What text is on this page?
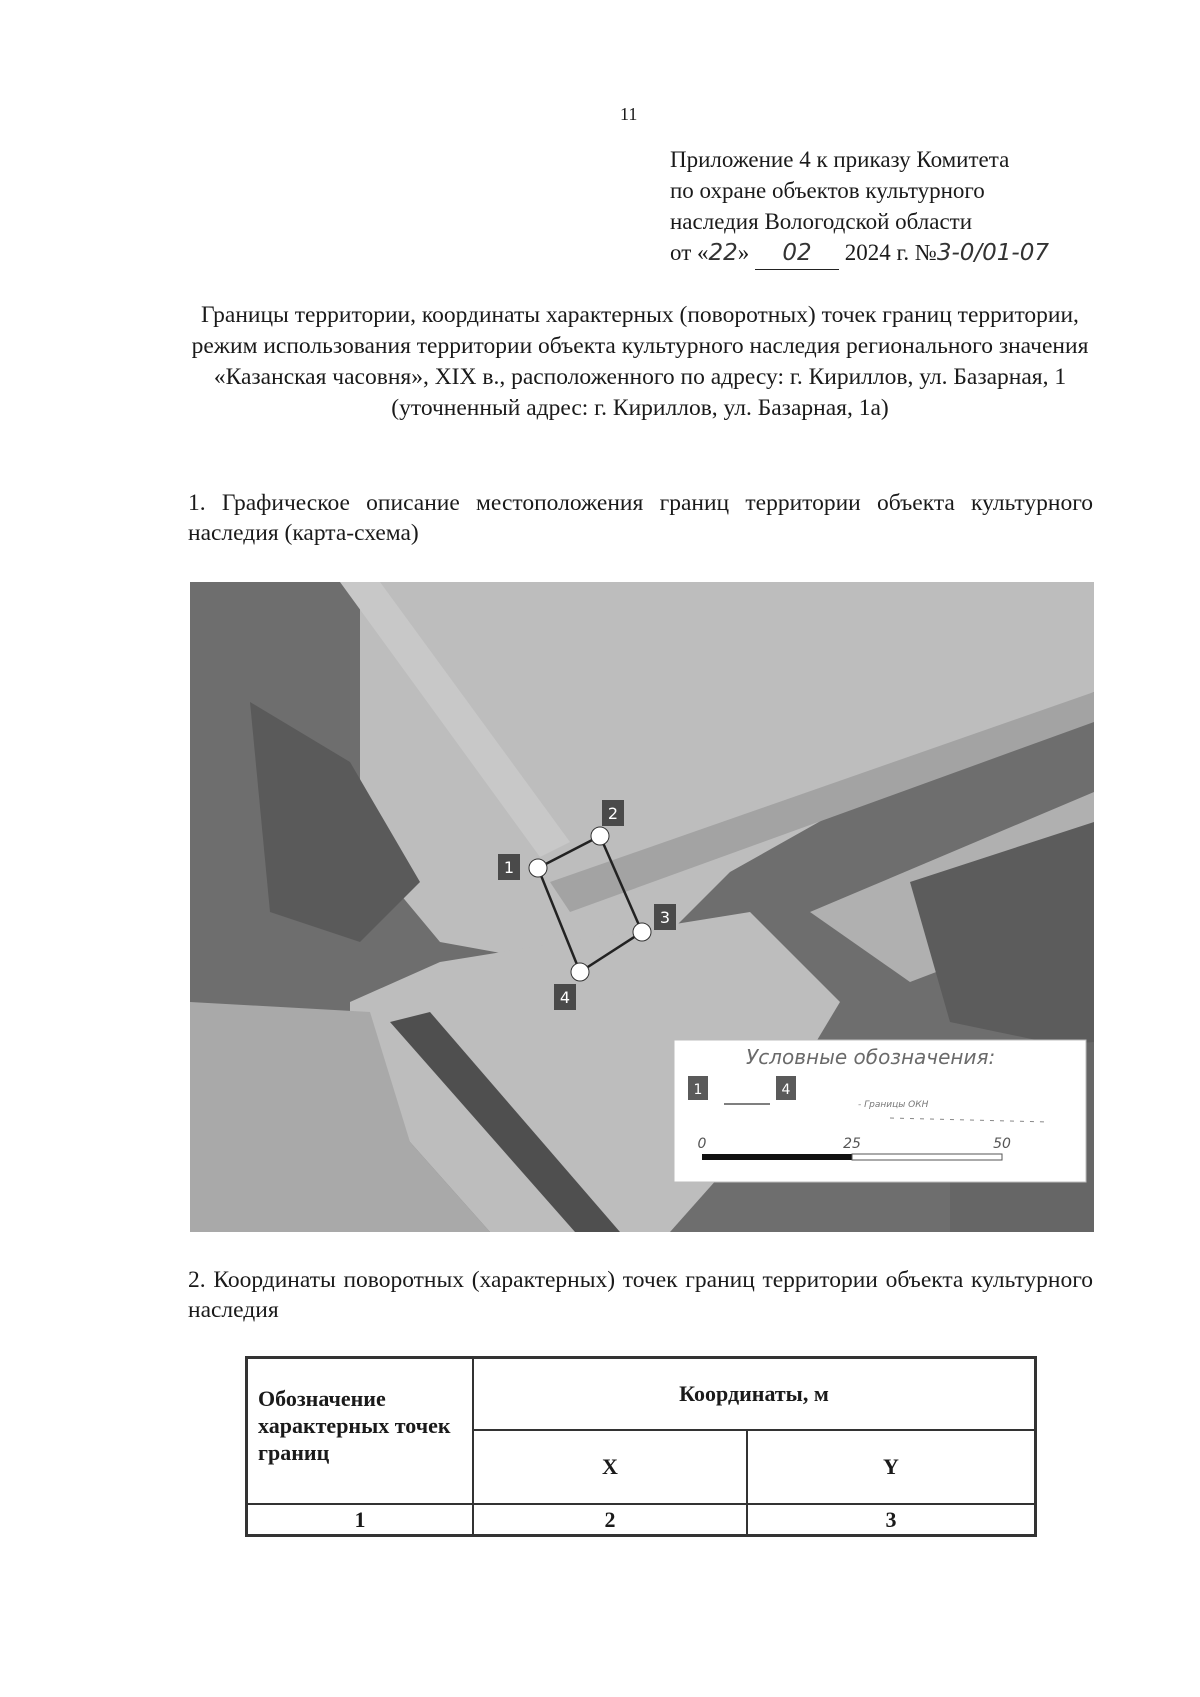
11
Приложение 4 к приказу Комитета
по охране объектов культурного
наследия Вологодской области
от «22» 02 2024 г. №3-0/01-07
Границы территории, координаты характерных (поворотных) точек границ территории, режим использования территории объекта культурного наследия регионального значения «Казанская часовня», XIX в., расположенного по адресу: г. Кириллов, ул. Базарная, 1 (уточненный адрес: г. Кириллов, ул. Базарная, 1а)
1. Графическое описание местоположения границ территории объекта культурного наследия (карта-схема)
1
2
3
4
Условные обозначения:
1	4
- Границы ОКН
0	25	50
2. Координаты поворотных (характерных) точек границ территории объекта культурного наследия
Обозначение характерных точек границ
Координаты, м
X	Y
1	2	3
